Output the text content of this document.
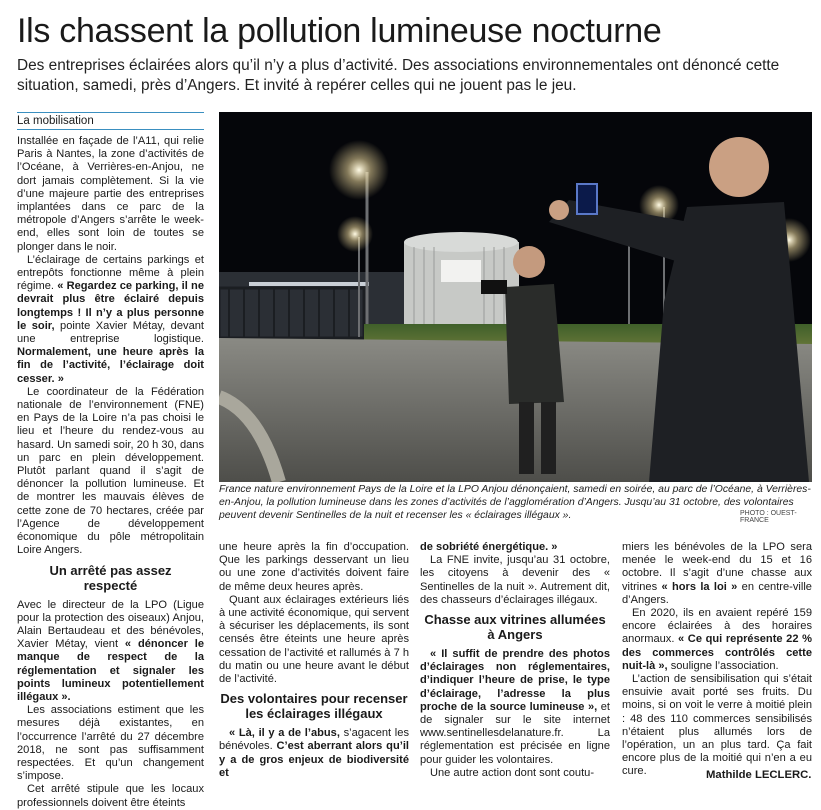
Ils chassent la pollution lumineuse nocturne
Des entreprises éclairées alors qu’il n’y a plus d’activité. Des associations environnementales ont dénoncé cette situation, samedi, près d’Angers. Et invité à repérer celles qui ne jouent pas le jeu.
La mobilisation

Installée en façade de l’A11, qui relie Paris à Nantes, la zone d’activités de l’Océane, à Verrières-en-Anjou, ne dort jamais complètement. Si la vie d’une majeure partie des entreprises implantées dans ce parc de la métropole d’Angers s’arrête le week-end, elles sont loin de toutes se plonger dans le noir.

L’éclairage de certains parkings et entrepôts fonctionne même à plein régime. « Regardez ce parking, il ne devrait plus être éclairé depuis longtemps ! Il n’y a plus personne le soir, pointe Xavier Métay, devant une entreprise logistique. Normalement, une heure après la fin de l’activité, l’éclairage doit cesser. »

Le coordinateur de la Fédération nationale de l’environnement (FNE) en Pays de la Loire n’a pas choisi le lieu et l’heure du rendez-vous au hasard. Un samedi soir, 20 h 30, dans un parc en plein développement. Plutôt parlant quand il s’agit de dénoncer la pollution lumineuse. Et de montrer les mauvais élèves de cette zone de 70 hectares, créée par l’Agence de développement économique du pôle métropolitain Loire Angers.

Un arrêté pas assez respecté

Avec le directeur de la LPO (Ligue pour la protection des oiseaux) Anjou, Alain Bertaudeau et des bénévoles, Xavier Métay, vient « dénoncer le manque de respect de la réglementation et signaler les points lumineux potentiellement illégaux ».

Les associations estiment que les mesures déjà existantes, en l’occurrence l’arrêté du 27 décembre 2018, ne sont pas suffisamment respectées. Et qu’un changement s’impose.

Cet arrêté stipule que les locaux professionnels doivent être éteints

France nature environnement Pays de la Loire et la LPO Anjou dénonçaient, samedi en soirée, au parc de l’Océane, à Verrières-en-Anjou, la pollution lumineuse dans les zones d’activités de l’agglomération d’Angers. Jusqu’au 31 octobre, des volontaires peuvent devenir Sentinelles de la nuit et recenser les « éclairages illégaux ».	PHOTO : OUEST-FRANCE

une heure après la fin d’occupation. Que les parkings desservant un lieu ou une zone d’activités doivent faire de même deux heures après.

Quant aux éclairages extérieurs liés à une activité économique, qui servent à sécuriser les déplacements, ils sont censés être éteints une heure après cessation de l’activité et rallumés à 7 h du matin ou une heure avant le début de l’activité.

Des volontaires pour recenser les éclairages illégaux

« Là, il y a de l’abus, s’agacent les bénévoles. C’est aberrant alors qu’il y a de gros enjeux de biodiversité et

de sobriété énergétique. »

La FNE invite, jusqu’au 31 octobre, les citoyens à devenir des « Sentinelles de la nuit ». Autrement dit, des chasseurs d’éclairages illégaux.

Chasse aux vitrines allumées à Angers

« Il suffit de prendre des photos d’éclairages non réglementaires, d’indiquer l’heure de prise, le type d’éclairage, l’adresse la plus proche de la source lumineuse », et de signaler sur le site internet www.sentinellesdelanature.fr. La réglementation est précisée en ligne pour guider les volontaires.

Une autre action dont sont coutu-

miers les bénévoles de la LPO sera menée le week-end du 15 et 16 octobre. Il s’agit d’une chasse aux vitrines « hors la loi » en centre-ville d’Angers.

En 2020, ils en avaient repéré 159 encore éclairées à des horaires anormaux. « Ce qui représente 22 % des commerces contrôlés cette nuit-là », souligne l’association.

L’action de sensibilisation qui s’était ensuivie avait porté ses fruits. Du moins, si on voit le verre à moitié plein : 48 des 110 commerces sensibilisés n’étaient plus allumés lors de l’opération, un an plus tard. Ça fait encore plus de la moitié qui n’en a eu cure.	Mathilde LECLERC.
